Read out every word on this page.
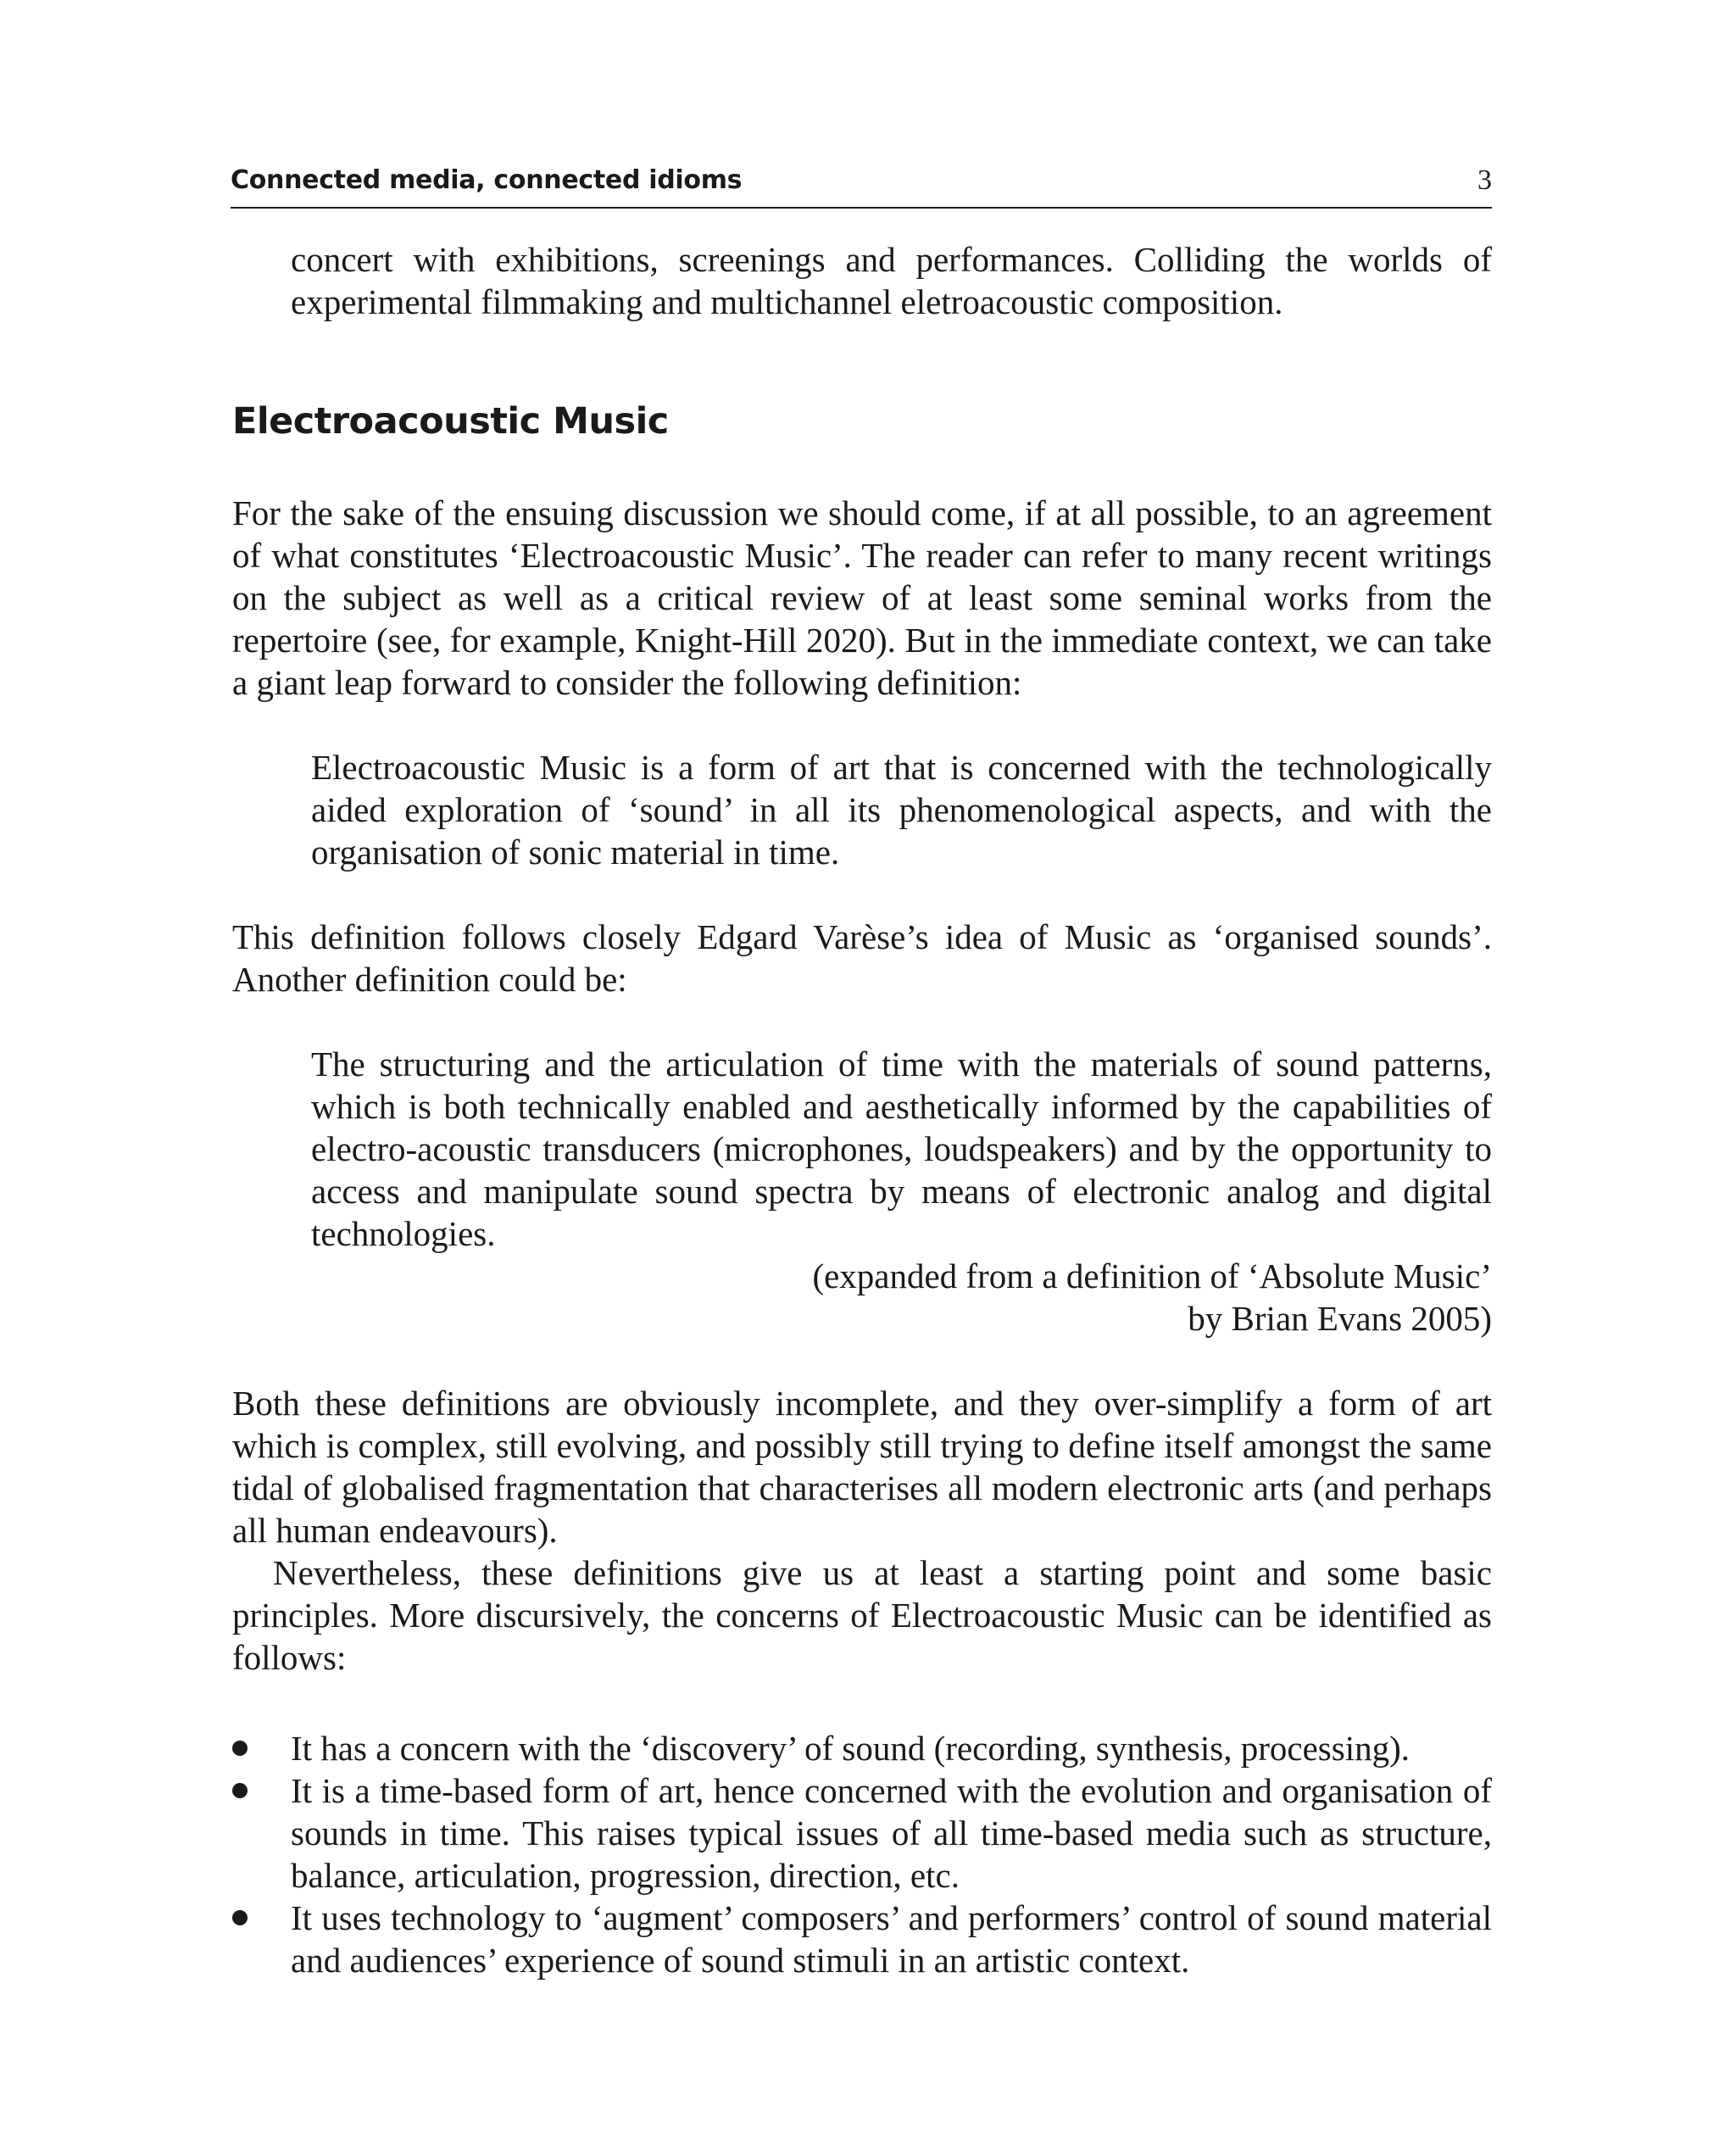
Connected media, connected idioms	3

concert with exhibitions, screenings and performances. Colliding the worlds of experimental filmmaking and multichannel eletroacoustic composition.

Electroacoustic Music

For the sake of the ensuing discussion we should come, if at all possible, to an agreement of what constitutes ‘Electroacoustic Music’. The reader can refer to many recent writings on the subject as well as a critical review of at least some seminal works from the repertoire (see, for example, Knight-Hill 2020). But in the immediate context, we can take a giant leap forward to consider the following definition:

Electroacoustic Music is a form of art that is concerned with the technologically aided exploration of ‘sound’ in all its phenomenological aspects, and with the organisation of sonic material in time.

This definition follows closely Edgard Varèse’s idea of Music as ‘organised sounds’. Another definition could be:

The structuring and the articulation of time with the materials of sound patterns, which is both technically enabled and aesthetically informed by the capabilities of electro-acoustic transducers (microphones, loudspeakers) and by the opportunity to access and manipulate sound spectra by means of electronic analog and digital technologies.

(expanded from a definition of ‘Absolute Music’
by Brian Evans 2005)

Both these definitions are obviously incomplete, and they over-simplify a form of art which is complex, still evolving, and possibly still trying to define itself amongst the same tidal of globalised fragmentation that characterises all modern electronic arts (and perhaps all human endeavours).

Nevertheless, these definitions give us at least a starting point and some basic principles. More discursively, the concerns of Electroacoustic Music can be identified as follows:

It has a concern with the ‘discovery’ of sound (recording, synthesis, processing).
It is a time-based form of art, hence concerned with the evolution and organisation of sounds in time. This raises typical issues of all time-based media such as structure, balance, articulation, progression, direction, etc.
It uses technology to ‘augment’ composers’ and performers’ control of sound material and audiences’ experience of sound stimuli in an artistic context.
